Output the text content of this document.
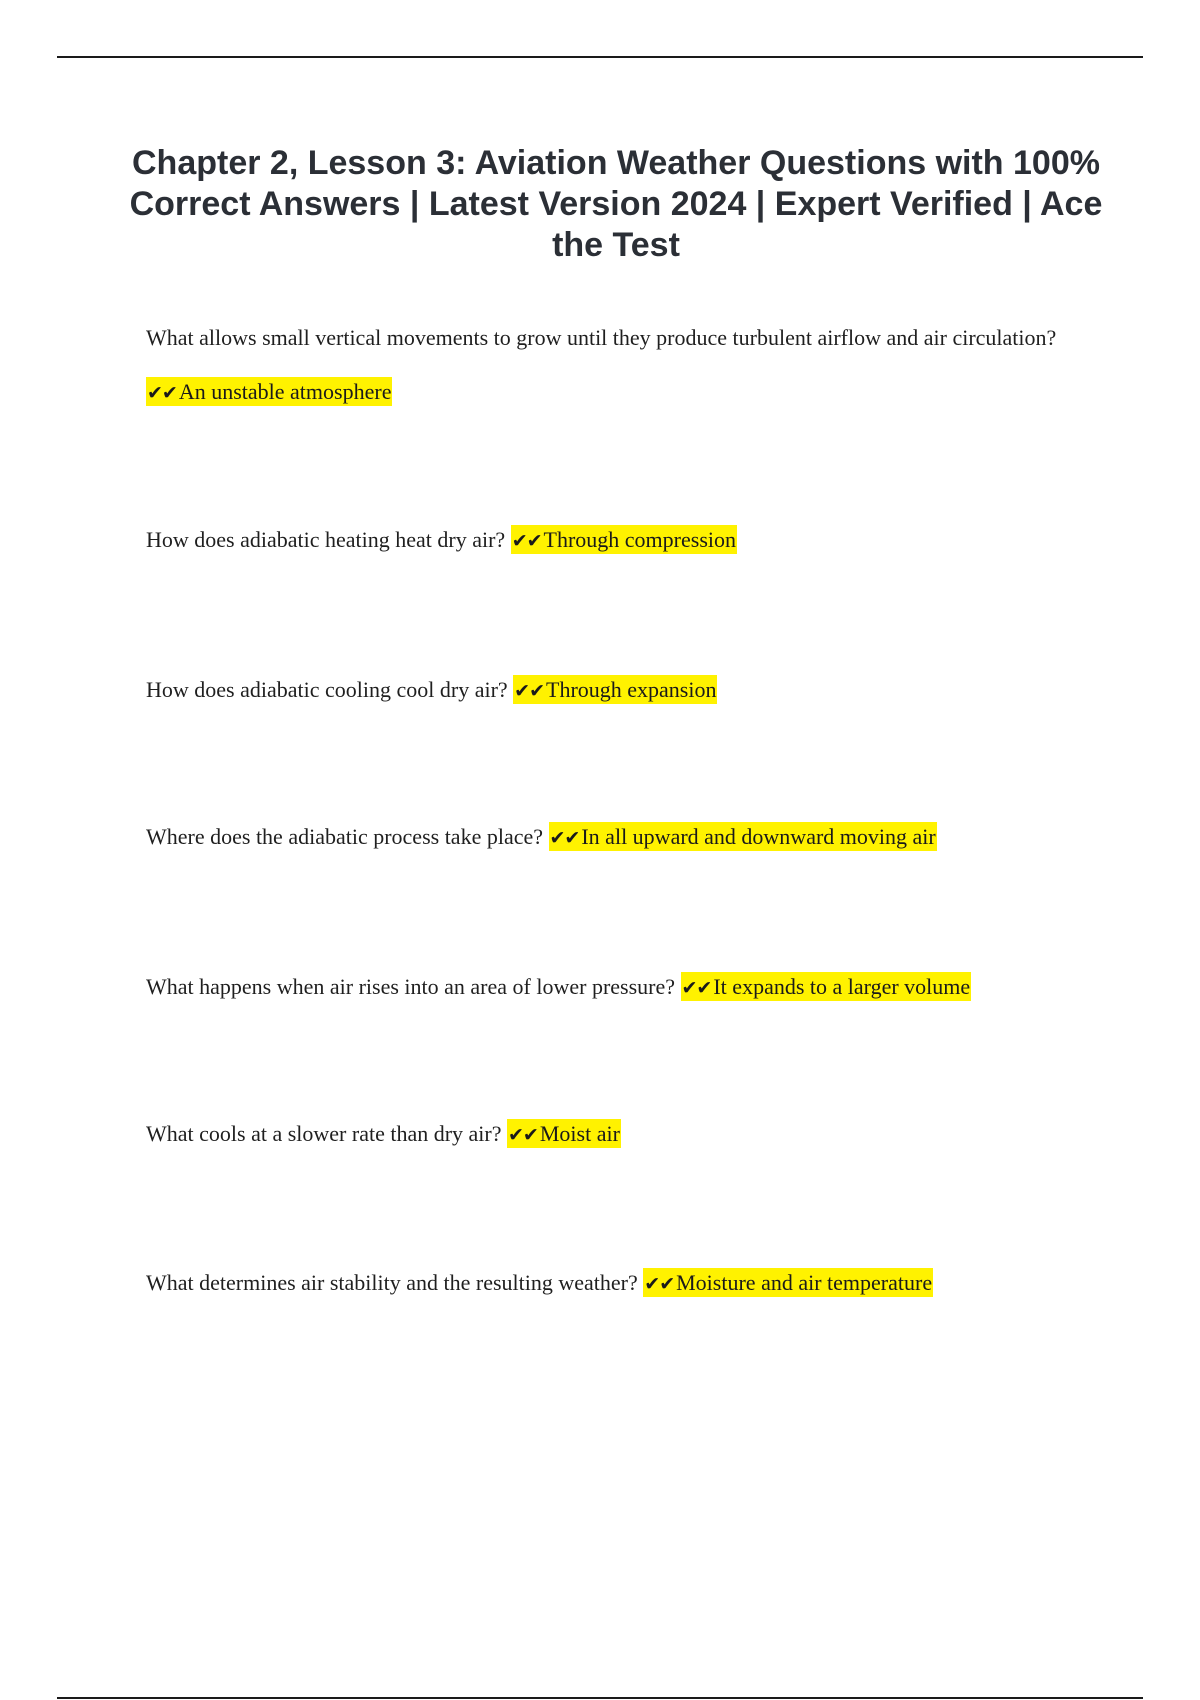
Chapter 2, Lesson 3: Aviation Weather Questions with 100% Correct Answers | Latest Version 2024 | Expert Verified | Ace the Test

What allows small vertical movements to grow until they produce turbulent airflow and air circulation? ✔✔An unstable atmosphere

How does adiabatic heating heat dry air? ✔✔Through compression

How does adiabatic cooling cool dry air? ✔✔Through expansion

Where does the adiabatic process take place? ✔✔In all upward and downward moving air

What happens when air rises into an area of lower pressure? ✔✔It expands to a larger volume

What cools at a slower rate than dry air? ✔✔Moist air

What determines air stability and the resulting weather? ✔✔Moisture and air temperature
